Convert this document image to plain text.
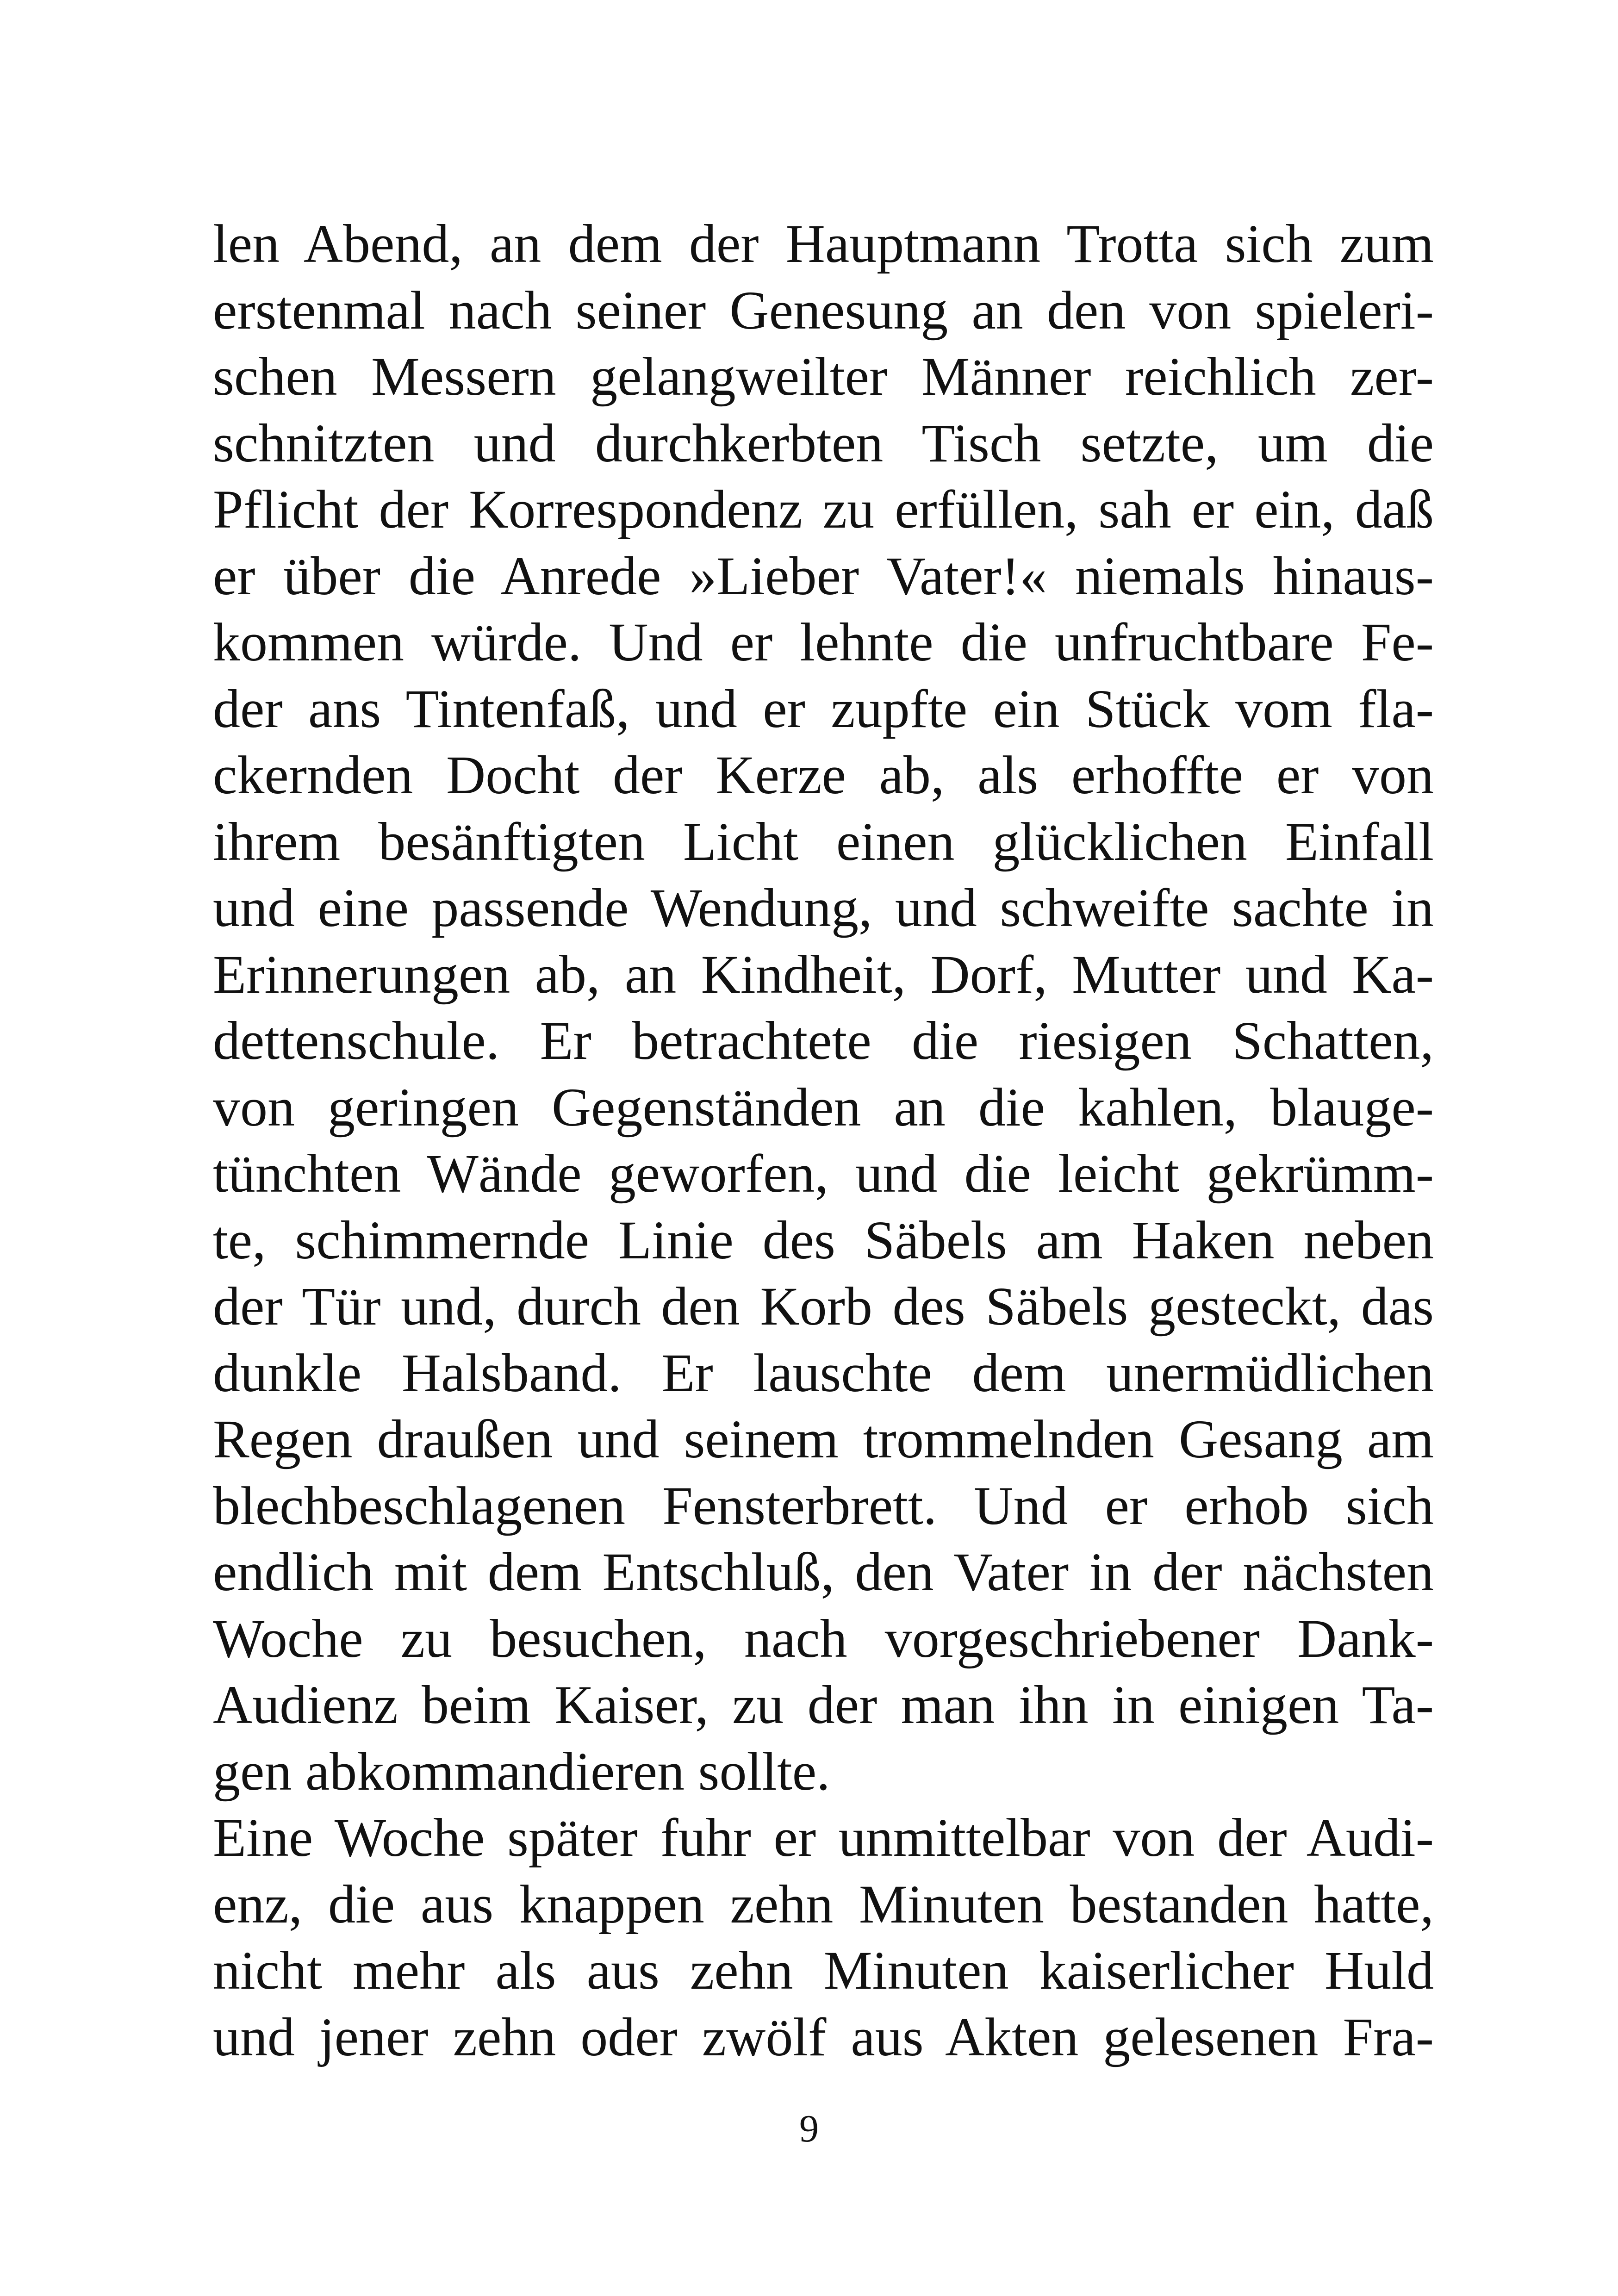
len Abend, an dem der Hauptmann Trotta sich zum
erstenmal nach seiner Genesung an den von spieleri-
schen Messern gelangweilter Männer reichlich zer-
schnitzten und durchkerbten Tisch setzte, um die
Pflicht der Korrespondenz zu erfüllen, sah er ein, daß
er über die Anrede »Lieber Vater!« niemals hinaus-
kommen würde. Und er lehnte die unfruchtbare Fe-
der ans Tintenfaß, und er zupfte ein Stück vom fla-
ckernden Docht der Kerze ab, als erhoffte er von
ihrem besänftigten Licht einen glücklichen Einfall
und eine passende Wendung, und schweifte sachte in
Erinnerungen ab, an Kindheit, Dorf, Mutter und Ka-
dettenschule. Er betrachtete die riesigen Schatten,
von geringen Gegenständen an die kahlen, blauge-
tünchten Wände geworfen, und die leicht gekrümm-
te, schimmernde Linie des Säbels am Haken neben
der Tür und, durch den Korb des Säbels gesteckt, das
dunkle Halsband. Er lauschte dem unermüdlichen
Regen draußen und seinem trommelnden Gesang am
blechbeschlagenen Fensterbrett. Und er erhob sich
endlich mit dem Entschluß, den Vater in der nächsten
Woche zu besuchen, nach vorgeschriebener Dank-
Audienz beim Kaiser, zu der man ihn in einigen Ta-
gen abkommandieren sollte.
Eine Woche später fuhr er unmittelbar von der Audi-
enz, die aus knappen zehn Minuten bestanden hatte,
nicht mehr als aus zehn Minuten kaiserlicher Huld
und jener zehn oder zwölf aus Akten gelesenen Fra-
9
